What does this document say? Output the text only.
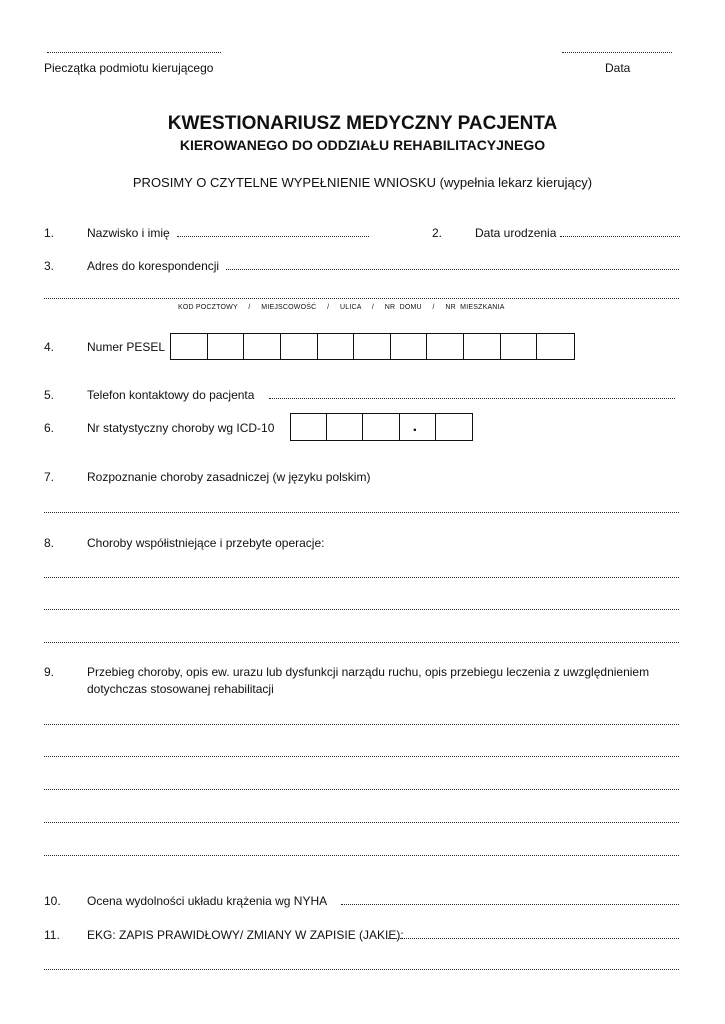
Pieczątka podmiotu kierującego	Data
KWESTIONARIUSZ MEDYCZNY PACJENTA
KIEROWANEGO DO ODDZIAŁU REHABILITACYJNEGO
PROSIMY O CZYTELNE WYPEŁNIENIE WNIOSKU (wypełnia lekarz kierujący)
1.	Nazwisko i imię	2.	Data urodzenia
3.	Adres do korespondencji
KOD POCZTOWY     /     MIEJSCOWOŚĆ     /     ULICA     /     NR  DOMU     /     NR  MIESZKANIA
4.	Numer PESEL
5.	Telefon kontaktowy do pacjenta
6.	Nr statystyczny choroby wg ICD-10	.
7.	Rozpoznanie choroby zasadniczej (w języku polskim)
8.	Choroby współistniejące i przebyte operacje:
9.	Przebieg choroby, opis ew. urazu lub dysfunkcji narządu ruchu, opis przebiegu leczenia z uwzględnieniem
dotychczas stosowanej rehabilitacji
10. Ocena wydolności układu krążenia wg NYHA
11. EKG: ZAPIS PRAWIDŁOWY/ ZMIANY W ZAPISIE (JAKIE):
